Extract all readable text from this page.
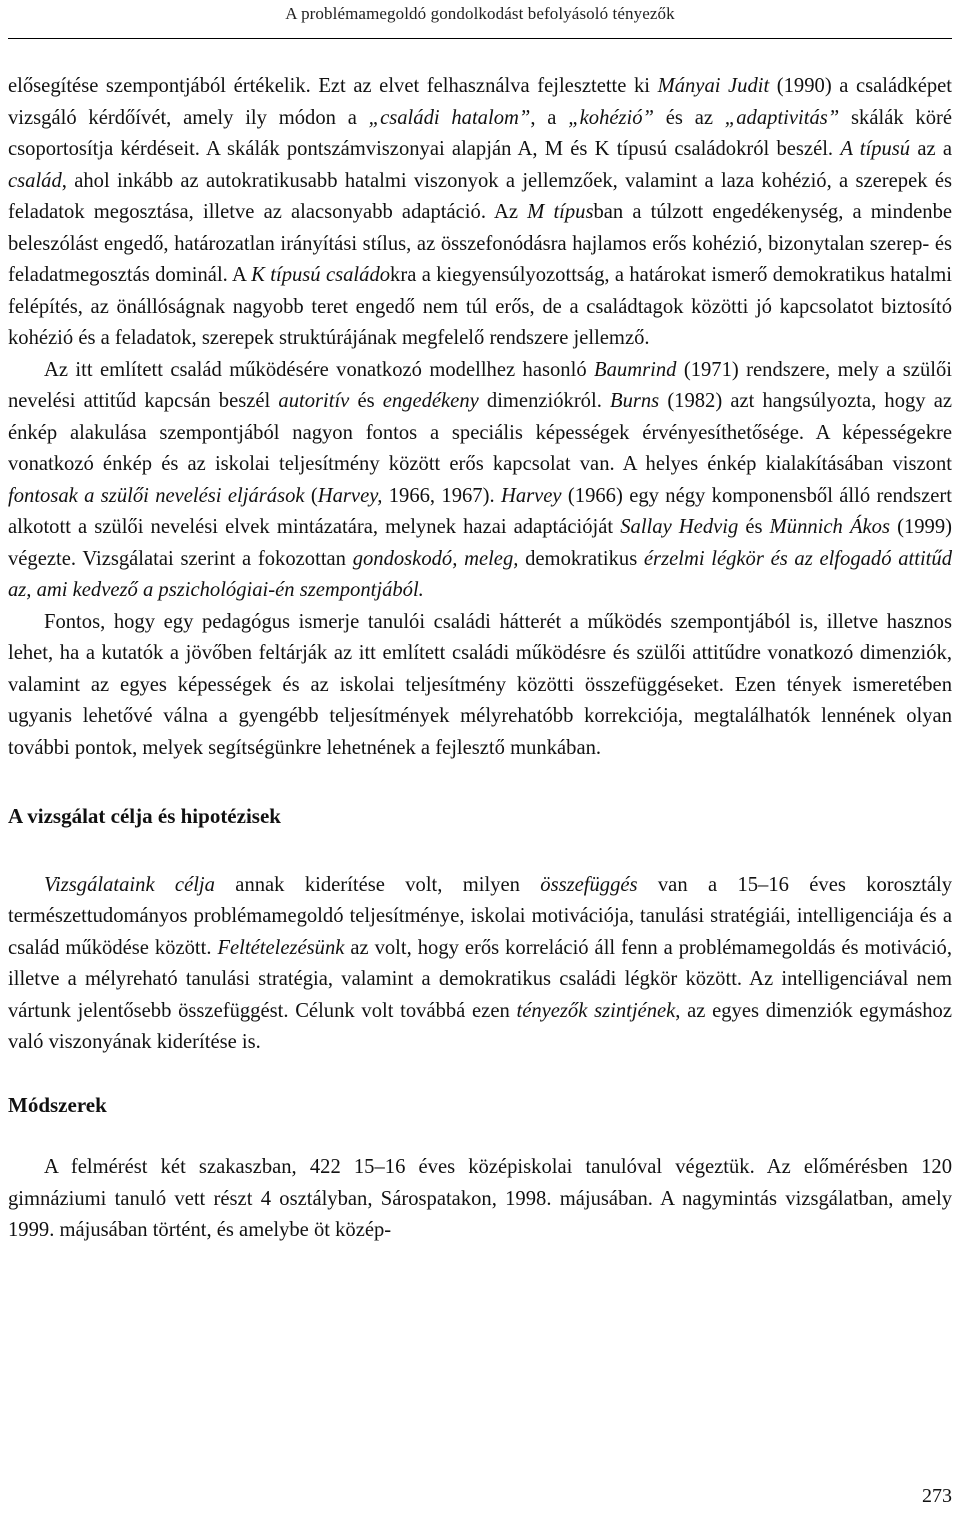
A problémamegoldó gondolkodást befolyásoló tényezők

elősegítése szempontjából értékelik. Ezt az elvet felhasználva fejlesztette ki Mányai Judit (1990) a családképet vizsgáló kérdőívét, amely ily módon a „családi hatalom”, a „kohézió” és az „adaptivitás” skálák köré csoportosítja kérdéseit. A skálák pontszámviszonyai alapján A, M és K típusú családokról beszél. A típusú az a család, ahol inkább az autokratikusabb hatalmi viszonyok a jellemzőek, valamint a laza kohézió, a szerepek és feladatok megosztása, illetve az alacsonyabb adaptáció. Az M típusban a túlzott engedékenység, a mindenbe beleszólást engedő, határozatlan irányítási stílus, az összefonódásra hajlamos erős kohézió, bizonytalan szerep- és feladatmegosztás dominál. A K típusú családokra a kiegyensúlyozottság, a határokat ismerő demokratikus hatalmi felépítés, az önállóságnak nagyobb teret engedő nem túl erős, de a családtagok közötti jó kapcsolatot biztosító kohézió és a feladatok, szerepek struktúrájának megfelelő rendszere jellemző.

Az itt említett család működésére vonatkozó modellhez hasonló Baumrind (1971) rendszere, mely a szülői nevelési attitűd kapcsán beszél autoritív és engedékeny dimenziókról. Burns (1982) azt hangsúlyozta, hogy az énkép alakulása szempontjából nagyon fontos a speciális képességek érvényesíthetősége. A képességekre vonatkozó énkép és az iskolai teljesítmény között erős kapcsolat van. A helyes énkép kialakításában viszont fontosak a szülői nevelési eljárások (Harvey, 1966, 1967). Harvey (1966) egy négy komponensből álló rendszert alkotott a szülői nevelési elvek mintázatára, melynek hazai adaptációját Sallay Hedvig és Münnich Ákos (1999) végezte. Vizsgálatai szerint a fokozottan gondoskodó, meleg, demokratikus érzelmi légkör és az elfogadó attitűd az, ami kedvező a pszichológiai-én szempontjából.

Fontos, hogy egy pedagógus ismerje tanulói családi hátterét a működés szempontjából is, illetve hasznos lehet, ha a kutatók a jövőben feltárják az itt említett családi működésre és szülői attitűdre vonatkozó dimenziók, valamint az egyes képességek és az iskolai teljesítmény közötti összefüggéseket. Ezen tények ismeretében ugyanis lehetővé válna a gyengébb teljesítmények mélyrehatóbb korrekciója, megtalálhatók lennének olyan további pontok, melyek segítségünkre lehetnének a fejlesztő munkában.

A vizsgálat célja és hipotézisek

Vizsgálataink célja annak kiderítése volt, milyen összefüggés van a 15–16 éves korosztály természettudományos problémamegoldó teljesítménye, iskolai motivációja, tanulási stratégiái, intelligenciája és a család működése között. Feltételezésünk az volt, hogy erős korreláció áll fenn a problémamegoldás és motiváció, illetve a mélyreható tanulási stratégia, valamint a demokratikus családi légkör között. Az intelligenciával nem vártunk jelentősebb összefüggést. Célunk volt továbbá ezen tényezők szintjének, az egyes dimenziók egymáshoz való viszonyának kiderítése is.

Módszerek

A felmérést két szakaszban, 422 15–16 éves középiskolai tanulóval végeztük. Az előmérésben 120 gimnáziumi tanuló vett részt 4 osztályban, Sárospatakon, 1998. májusában. A nagymintás vizsgálatban, amely 1999. májusában történt, és amelybe öt közép-

273
